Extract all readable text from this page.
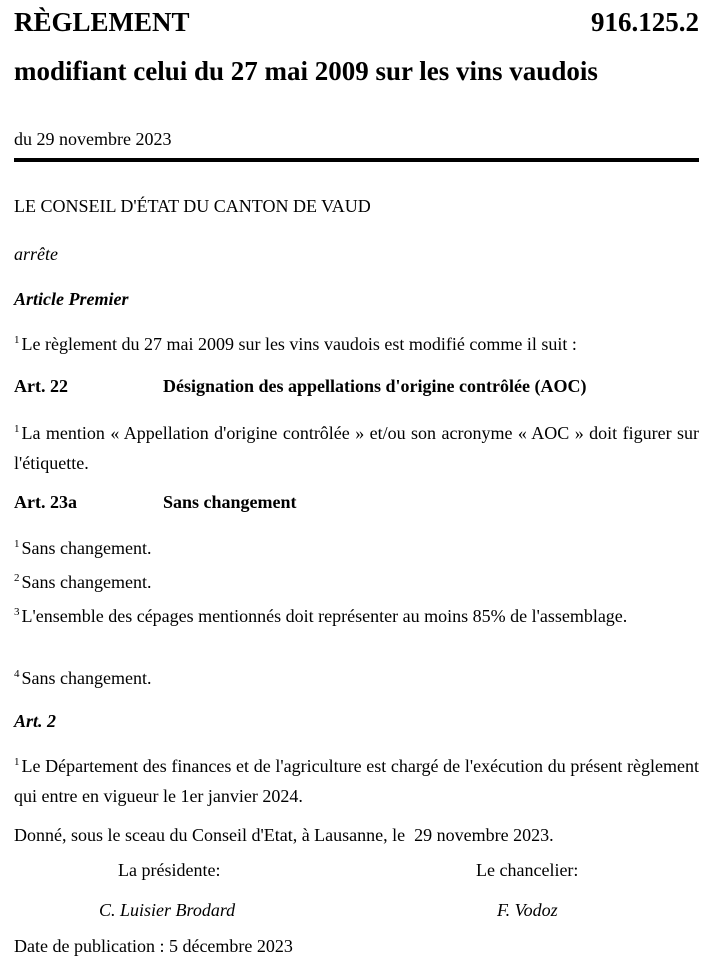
RÈGLEMENT	916.125.2
modifiant celui du 27 mai 2009 sur les vins vaudois
du 29 novembre 2023
LE CONSEIL D'ÉTAT DU CANTON DE VAUD
arrête
Article Premier
$^1$ Le règlement du 27 mai 2009 sur les vins vaudois est modifié comme il suit :
Art. 22	Désignation des appellations d'origine contrôlée (AOC)
$^1$ La mention « Appellation d'origine contrôlée » et/ou son acronyme « AOC » doit figurer sur l'étiquette.
Art. 23a	Sans changement
$^1$ Sans changement.
$^2$ Sans changement.
$^3$ L'ensemble des cépages mentionnés doit représenter au moins 85% de l'assemblage.
$^4$ Sans changement.
Art. 2
$^1$ Le Département des finances et de l'agriculture est chargé de l'exécution du présent règlement qui entre en vigueur le 1er janvier 2024.
Donné, sous le sceau du Conseil d'Etat, à Lausanne, le  29 novembre 2023.
La présidente:	Le chancelier:
C. Luisier Brodard	F. Vodoz
Date de publication : 5 décembre 2023
